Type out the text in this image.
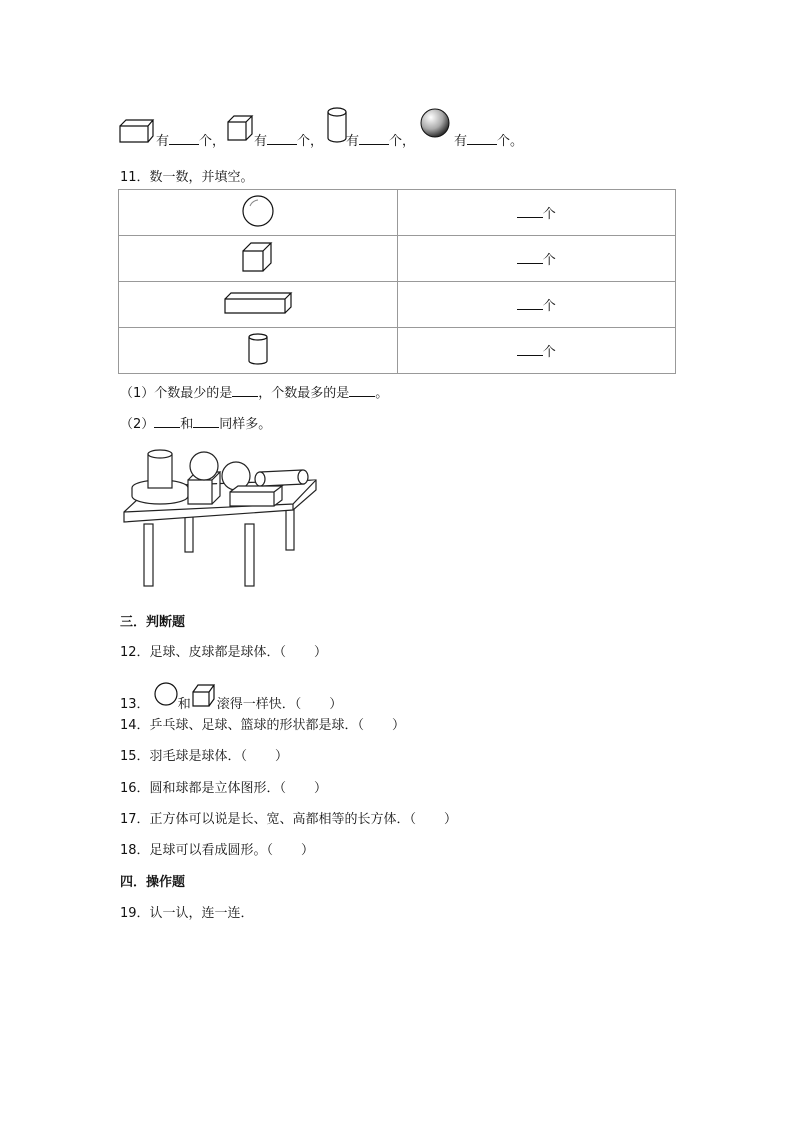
有 个， 有 个， 有 个，	有 个。
11．数一数，并填空。
	个
	个
	个
	个
（1）个数最少的是 ，个数最多的是 。
（2） 和 同样多。
三．判断题
12．足球、皮球都是球体．（ ）
13． 和 滚得一样快．（ ）
14．乒乓球、足球、篮球的形状都是球．（ ）
15．羽毛球是球体．（ ）
16．圆和球都是立体图形．（ ）
17．正方体可以说是长、宽、高都相等的长方体．（ ）
18．足球可以看成圆形。（ ）
四．操作题
19．认一认，连一连．
